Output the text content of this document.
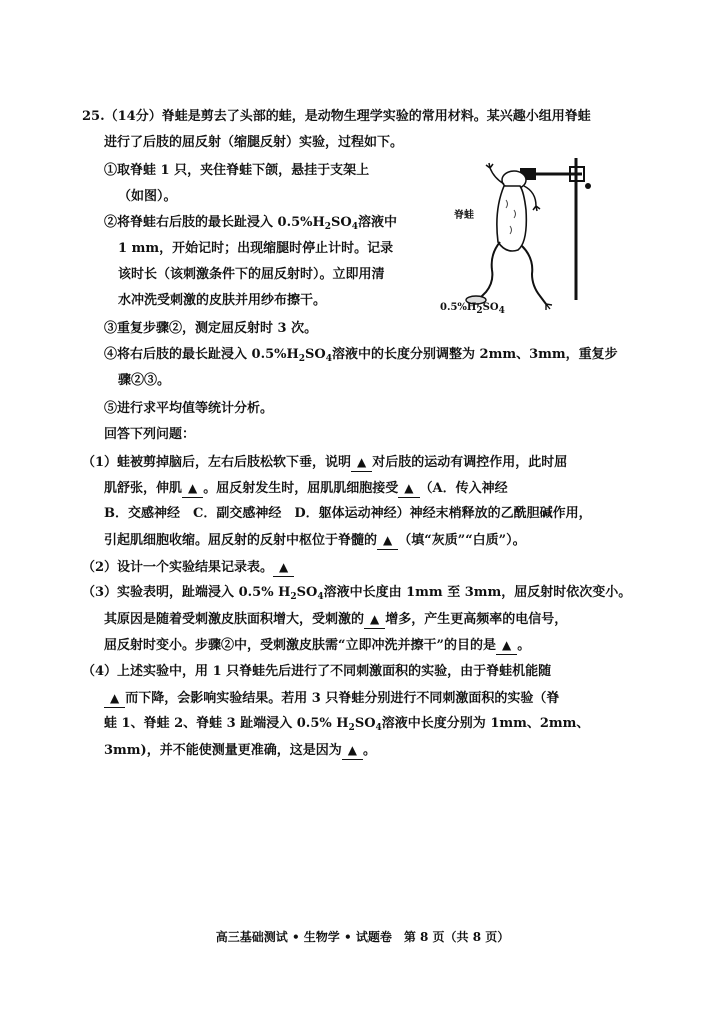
25.（14分）脊蛙是剪去了头部的蛙，是动物生理学实验的常用材料。某兴趣小组用脊蛙
进行了后肢的屈反射（缩腿反射）实验，过程如下。
①取脊蛙 1 只，夹住脊蛙下颌，悬挂于支架上
（如图）。
②将脊蛙右后肢的最长趾浸入 $0.5\%H_2SO_4$溶液中
1 mm，开始记时；出现缩腿时停止计时。记录
该时长（该刺激条件下的屈反射时）。立即用清
水冲洗受刺激的皮肤并用纱布擦干。
③重复步骤②，测定屈反射时 3 次。
④将右后肢的最长趾浸入 $0.5\%H_2SO_4$溶液中的长度分别调整为 2mm、3mm，重复步
骤②③。
⑤进行求平均值等统计分析。
回答下列问题：
（1）蛙被剪掉脑后，左右后肢松软下垂，说明 ▲ 对后肢的运动有调控作用，此时屈
肌舒张，伸肌 ▲ 。屈反射发生时，屈肌肌细胞接受 ▲ （A．传入神经
B．交感神经　C．副交感神经　D．躯体运动神经）神经末梢释放的乙酰胆碱作用，
引起肌细胞收缩。屈反射的反射中枢位于脊髓的 ▲ （填“灰质”“白质”）。
（2）设计一个实验结果记录表。 ▲
（3）实验表明，趾端浸入 0.5% $H_2SO_4$溶液中长度由 1mm 至 3mm，屈反射时依次变小。
其原因是随着受刺激皮肤面积增大，受刺激的 ▲ 增多，产生更高频率的电信号，
屈反射时变小。步骤②中，受刺激皮肤需“立即冲洗并擦干”的目的是 ▲ 。
（4）上述实验中，用 1 只脊蛙先后进行了不同刺激面积的实验，由于脊蛙机能随
▲ 而下降，会影响实验结果。若用 3 只脊蛙分别进行不同刺激面积的实验（脊
蛙 1、脊蛙 2、脊蛙 3 趾端浸入 0.5% $H_2SO_4$溶液中长度分别为 1mm、2mm、
3mm)，并不能使测量更准确，这是因为 ▲ 。
脊蛙
$0.5\%H_2SO_4$
高三基础测试 • 生物学 • 试题卷　第 8 页（共 8 页）
